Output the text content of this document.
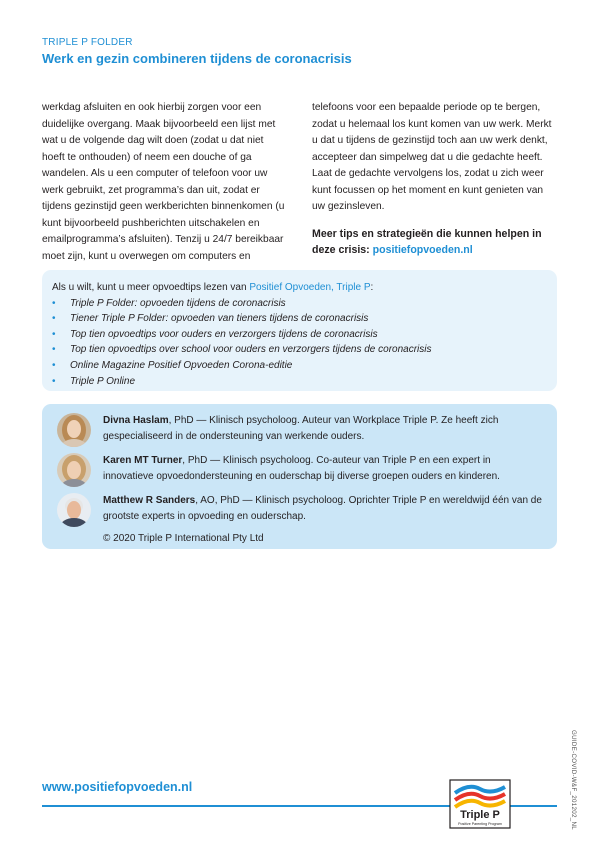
TRIPLE P FOLDER
Werk en gezin combineren tijdens de coronacrisis

werkdag afsluiten en ook hierbij zorgen voor een duidelijke overgang. Maak bijvoorbeeld een lijst met wat u de volgende dag wilt doen (zodat u dat niet hoeft te onthouden) of neem een douche of ga wandelen. Als u een computer of telefoon voor uw werk gebruikt, zet programma’s dan uit, zodat er tijdens gezinstijd geen werkberichten binnenkomen (u kunt bijvoorbeeld pushberichten uitschakelen en emailprogramma’s afsluiten). Tenzij u 24/7 bereikbaar moet zijn, kunt u overwegen om computers en

telefoons voor een bepaalde periode op te bergen, zodat u helemaal los kunt komen van uw werk. Merkt u dat u tijdens de gezinstijd toch aan uw werk denkt, accepteer dan simpelweg dat u die gedachte heeft. Laat de gedachte vervolgens los, zodat u zich weer kunt focussen op het moment en kunt genieten van uw gezinsleven.

Meer tips en strategieën die kunnen helpen in deze crisis: positiefopvoeden.nl

Als u wilt, kunt u meer opvoedtips lezen van Positief Opvoeden, Triple P:
• Triple P Folder: opvoeden tijdens de coronacrisis
• Tiener Triple P Folder: opvoeden van tieners tijdens de coronacrisis
• Top tien opvoedtips voor ouders en verzorgers tijdens de coronacrisis
• Top tien opvoedtips over school voor ouders en verzorgers tijdens de coronacrisis
• Online Magazine Positief Opvoeden Corona-editie
• Triple P Online
Divna Haslam, PhD — Klinisch psycholoog. Auteur van Workplace Triple P. Ze heeft zich gespecialiseerd in de ondersteuning van werkende ouders.
Karen MT Turner, PhD — Klinisch psycholoog. Co-auteur van Triple P en een expert in innovatieve opvoedondersteuning en ouderschap bij diverse groepen ouders en kinderen.
Matthew R Sanders, AO, PhD — Klinisch psycholoog. Oprichter Triple P en wereldwijd één van de grootste experts in opvoeding en ouderschap.
© 2020 Triple P International Pty Ltd
www.positiefopvoeden.nl
Triple P
Positive Parenting Program	GUIDE-COVID-W&F_201202_NL
